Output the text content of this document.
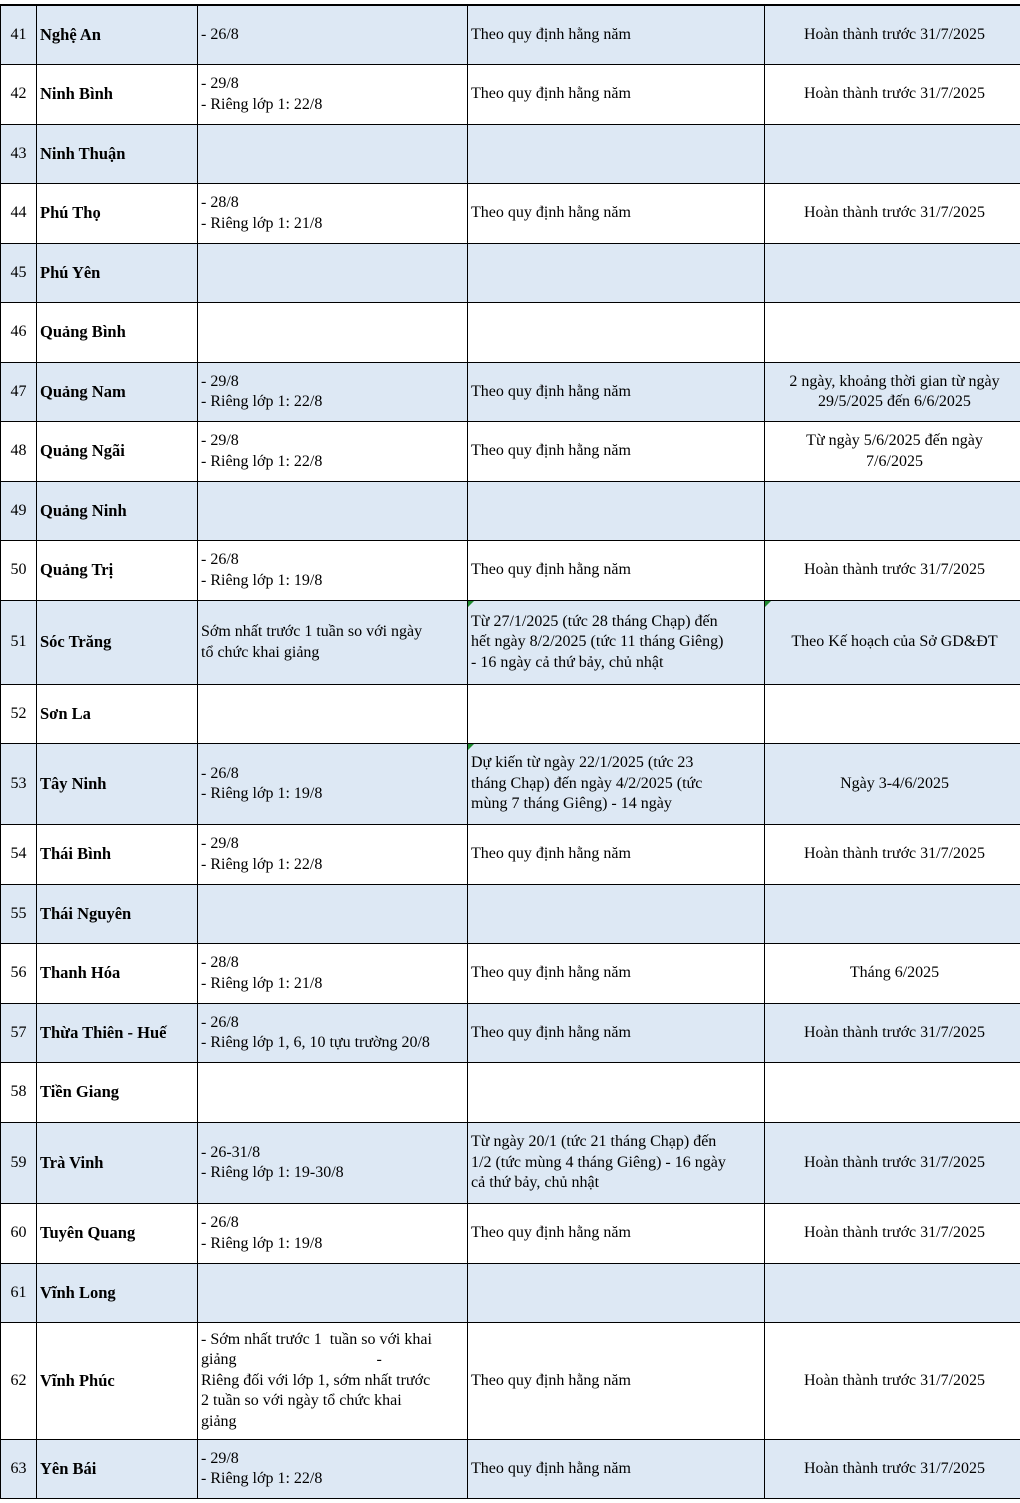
41	Nghệ An	- 26/8	Theo quy định hằng năm	Hoàn thành trước 31/7/2025

42	Ninh Bình	- 29/8
- Riêng lớp 1: 22/8	Theo quy định hằng năm	Hoàn thành trước 31/7/2025

43	Ninh Thuận			
44	Phú Thọ	- 28/8
- Riêng lớp 1: 21/8	Theo quy định hằng năm	Hoàn thành trước 31/7/2025

45	Phú Yên			
46	Quảng Bình			
47	Quảng Nam	- 29/8
- Riêng lớp 1: 22/8	Theo quy định hằng năm	2 ngày, khoảng thời gian từ ngày
29/5/2025 đến 6/6/2025

48	Quảng Ngãi	- 29/8
- Riêng lớp 1: 22/8	Theo quy định hằng năm	Từ ngày 5/6/2025 đến ngày
7/6/2025

49	Quảng Ninh			
50	Quảng Trị	- 26/8
- Riêng lớp 1: 19/8	Theo quy định hằng năm	Hoàn thành trước 31/7/2025

51	Sóc Trăng	Sớm nhất trước 1 tuần so với ngày
tổ chức khai giảng	Từ 27/1/2025 (tức 28 tháng Chạp) đến
hết ngày 8/2/2025 (tức 11 tháng Giêng)
- 16 ngày cả thứ bảy, chủ nhật	Theo Kế hoạch của Sở GD&ĐT

52	Sơn La			
53	Tây Ninh	- 26/8
- Riêng lớp 1: 19/8	Dự kiến từ ngày 22/1/2025 (tức 23
tháng Chạp) đến ngày 4/2/2025 (tức
mùng 7 tháng Giêng) - 14 ngày	Ngày 3-4/6/2025

54	Thái Bình	- 29/8
- Riêng lớp 1: 22/8	Theo quy định hằng năm	Hoàn thành trước 31/7/2025

55	Thái Nguyên			
56	Thanh Hóa	- 28/8
- Riêng lớp 1: 21/8	Theo quy định hằng năm	Tháng 6/2025

57	Thừa Thiên - Huế	- 26/8
- Riêng lớp 1, 6, 10 tựu trường 20/8	Theo quy định hằng năm	Hoàn thành trước 31/7/2025

58	Tiền Giang			
59	Trà Vinh	- 26-31/8
- Riêng lớp 1: 19-30/8	Từ ngày 20/1 (tức 21 tháng Chạp) đến
1/2 (tức mùng 4 tháng Giêng) - 16 ngày
cả thứ bảy, chủ nhật	Hoàn thành trước 31/7/2025

60	Tuyên Quang	- 26/8
- Riêng lớp 1: 19/8	Theo quy định hằng năm	Hoàn thành trước 31/7/2025

61	Vĩnh Long			
62	Vĩnh Phúc	- Sớm nhất trước 1  tuần so với khai
giảng                                   -
Riêng đối với lớp 1, sớm nhất trước
2 tuần so với ngày tổ chức khai
giảng	Theo quy định hằng năm	Hoàn thành trước 31/7/2025

63	Yên Bái	- 29/8
- Riêng lớp 1: 22/8	Theo quy định hằng năm	Hoàn thành trước 31/7/2025
